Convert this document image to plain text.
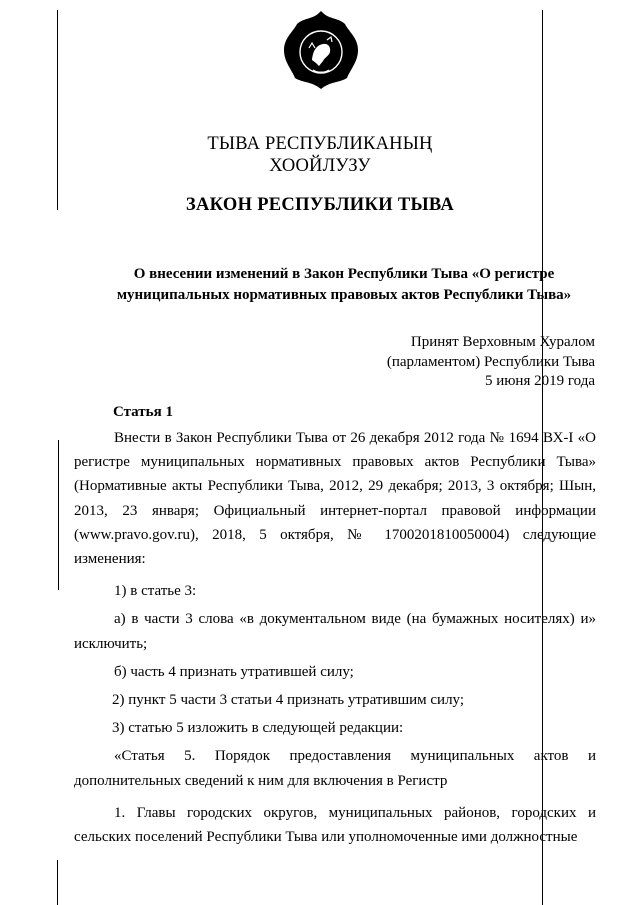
ТЫВА РЕСПУБЛИКАНЫҢ
ХООЙЛУЗУ
ЗАКОН РЕСПУБЛИКИ ТЫВА
О внесении изменений в Закон Республики Тыва «О регистре
муниципальных нормативных правовых актов Республики Тыва»
Принят Верховным Хуралом
(парламентом) Республики Тыва
5 июня 2019 года
Статья 1

Внести в Закон Республики Тыва от 26 декабря 2012 года № 1694 ВХ-I «О регистре муниципальных нормативных правовых актов Республики Тыва» (Нормативные акты Республики Тыва, 2012, 29 декабря; 2013, 3 октября; Шын, 2013, 23 января; Официальный интернет-портал правовой информации (www.pravo.gov.ru), 2018, 5 октября, № 1700201810050004) следующие изменения:

1) в статье 3:

а) в части 3 слова «в документальном виде (на бумажных носителях) и» исключить;

б) часть 4 признать утратившей силу;

2) пункт 5 части 3 статьи 4 признать утратившим силу;

3) статью 5 изложить в следующей редакции:

«Статья 5. Порядок предоставления муниципальных актов и дополнительных сведений к ним для включения в Регистр

1. Главы городских округов, муниципальных районов, городских и сельских поселений Республики Тыва или уполномоченные ими должностные
